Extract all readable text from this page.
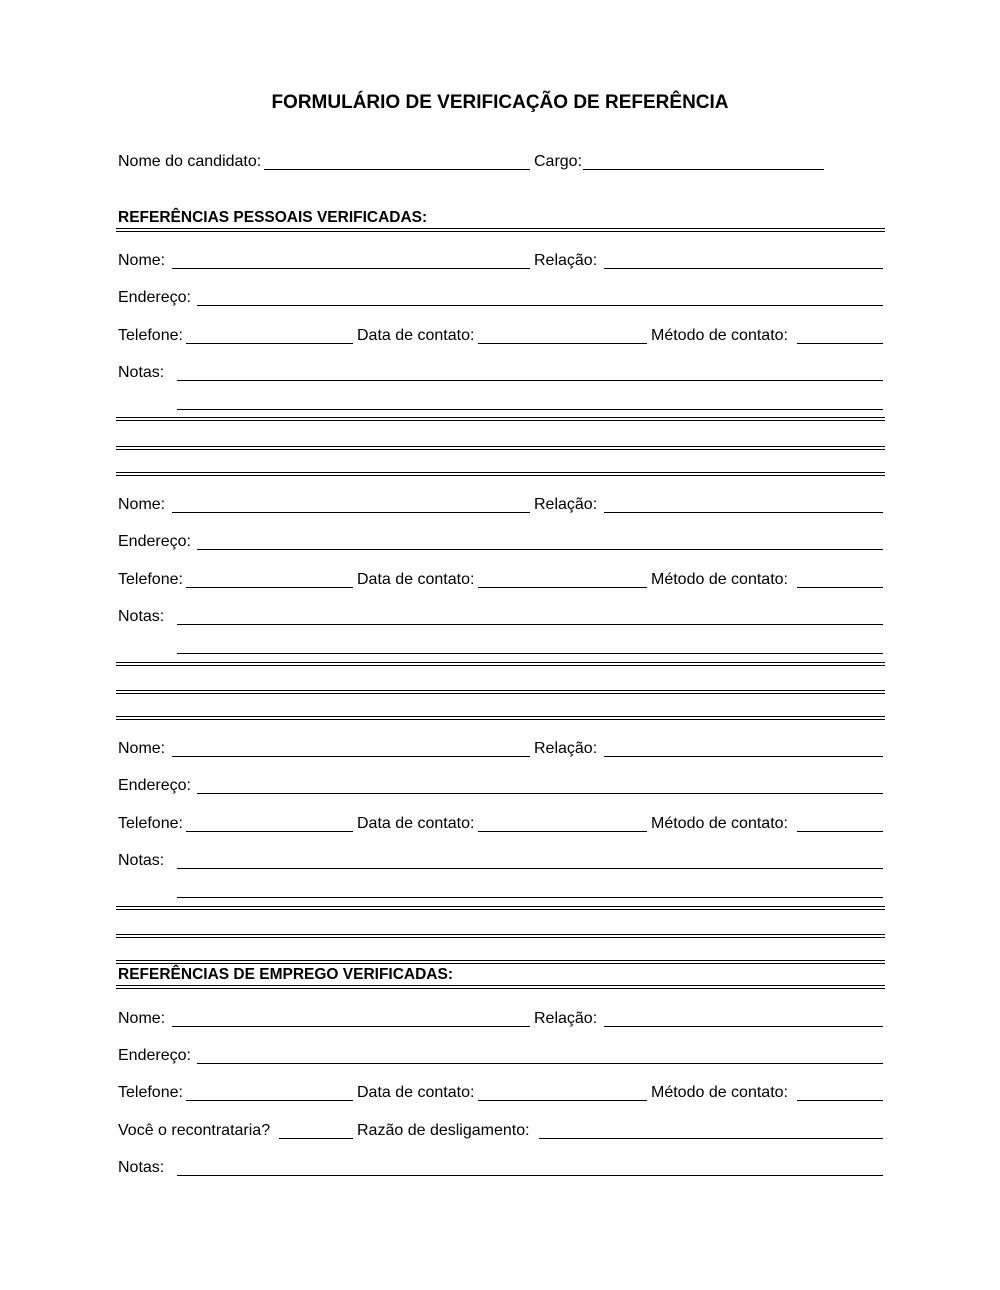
FORMULÁRIO DE VERIFICAÇÃO DE REFERÊNCIA
Nome do candidato:	Cargo:
REFERÊNCIAS PESSOAIS VERIFICADAS:
Nome:	Relação:
Endereço:
Telefone:	Data de contato:	Método de contato:
Notas:
Nome:	Relação:
Endereço:
Telefone:	Data de contato:	Método de contato:
Notas:
Nome:	Relação:
Endereço:
Telefone:	Data de contato:	Método de contato:
Notas:
REFERÊNCIAS DE EMPREGO VERIFICADAS:
Nome:	Relação:
Endereço:
Telefone:	Data de contato:	Método de contato:
Você o recontrataria?	Razão de desligamento:
Notas:
